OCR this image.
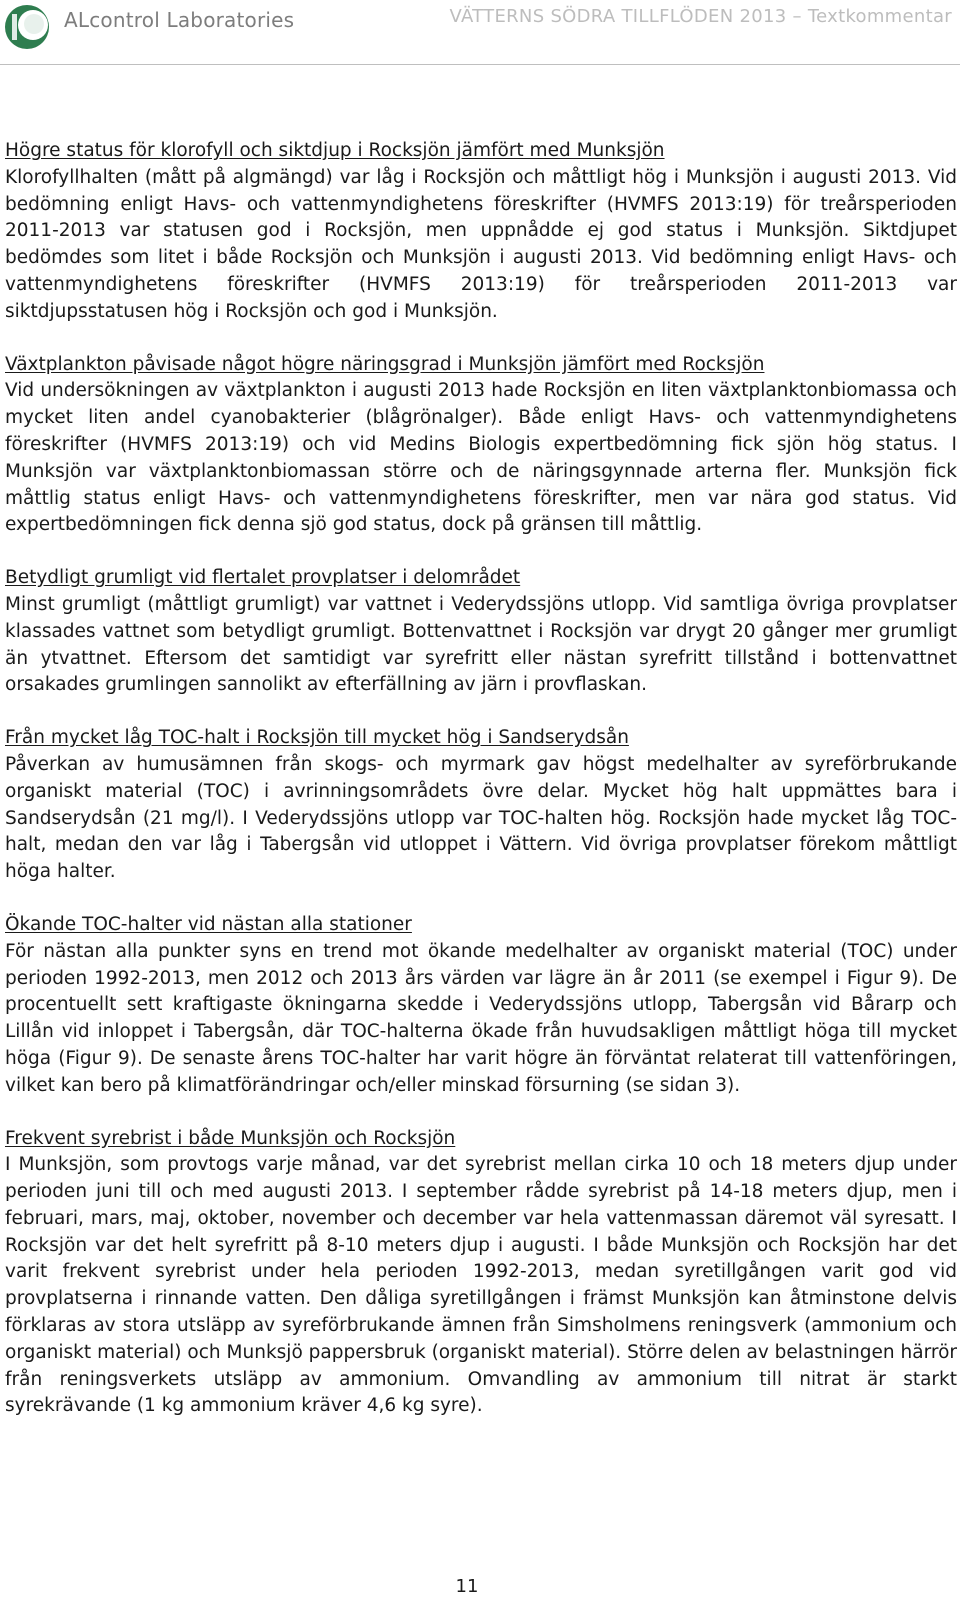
ALcontrol Laboratories	VÄTTERNS SÖDRA TILLFLÖDEN 2013 – Textkommentar
Högre status för klorofyll och siktdjup i Rocksjön jämfört med Munksjön

Klorofyllhalten (mått på algmängd) var låg i Rocksjön och måttligt hög i Munksjön i augusti 2013. Vid bedömning enligt Havs- och vattenmyndighetens föreskrifter (HVMFS 2013:19) för treårsperioden 2011-2013 var statusen god i Rocksjön, men uppnådde ej god status i Munksjön. Siktdjupet bedömdes som litet i både Rocksjön och Munksjön i augusti 2013. Vid bedömning enligt Havs- och vattenmyndighetens föreskrifter (HVMFS 2013:19) för treårsperioden 2011-2013 var siktdjupsstatusen hög i Rocksjön och god i Munksjön.

Växtplankton påvisade något högre näringsgrad i Munksjön jämfört med Rocksjön

Vid undersökningen av växtplankton i augusti 2013 hade Rocksjön en liten växtplanktonbiomassa och mycket liten andel cyanobakterier (blågrönalger). Både enligt Havs- och vattenmyndighetens föreskrifter (HVMFS 2013:19) och vid Medins Biologis expertbedömning fick sjön hög status. I Munksjön var växtplanktonbiomassan större och de näringsgynnade arterna fler. Munksjön fick måttlig status enligt Havs- och vattenmyndighetens föreskrifter, men var nära god status. Vid expertbedömningen fick denna sjö god status, dock på gränsen till måttlig.

Betydligt grumligt vid flertalet provplatser i delområdet

Minst grumligt (måttligt grumligt) var vattnet i Vederydssjöns utlopp. Vid samtliga övriga provplatser klassades vattnet som betydligt grumligt. Bottenvattnet i Rocksjön var drygt 20 gånger mer grumligt än ytvattnet. Eftersom det samtidigt var syrefritt eller nästan syrefritt tillstånd i bottenvattnet orsakades grumlingen sannolikt av efterfällning av järn i provflaskan.

Från mycket låg TOC-halt i Rocksjön till mycket hög i Sandserydsån

Påverkan av humusämnen från skogs- och myrmark gav högst medelhalter av syreförbrukande organiskt material (TOC) i avrinningsområdets övre delar. Mycket hög halt uppmättes bara i Sandserydsån (21 mg/l). I Vederydssjöns utlopp var TOC-halten hög. Rocksjön hade mycket låg TOC-halt, medan den var låg i Tabergsån vid utloppet i Vättern. Vid övriga provplatser förekom måttligt höga halter.

Ökande TOC-halter vid nästan alla stationer

För nästan alla punkter syns en trend mot ökande medelhalter av organiskt material (TOC) under perioden 1992-2013, men 2012 och 2013 års värden var lägre än år 2011 (se exempel i Figur 9). De procentuellt sett kraftigaste ökningarna skedde i Vederydssjöns utlopp, Tabergsån vid Bårarp och Lillån vid inloppet i Tabergsån, där TOC-halterna ökade från huvudsakligen måttligt höga till mycket höga (Figur 9). De senaste årens TOC-halter har varit högre än förväntat relaterat till vattenföringen, vilket kan bero på klimatförändringar och/eller minskad försurning (se sidan 3).

Frekvent syrebrist i både Munksjön och Rocksjön

I Munksjön, som provtogs varje månad, var det syrebrist mellan cirka 10 och 18 meters djup under perioden juni till och med augusti 2013. I september rådde syrebrist på 14-18 meters djup, men i februari, mars, maj, oktober, november och december var hela vattenmassan däremot väl syresatt. I Rocksjön var det helt syrefritt på 8-10 meters djup i augusti. I både Munksjön och Rocksjön har det varit frekvent syrebrist under hela perioden 1992-2013, medan syretillgången varit god vid provplatserna i rinnande vatten. Den dåliga syretillgången i främst Munksjön kan åtminstone delvis förklaras av stora utsläpp av syreförbrukande ämnen från Simsholmens reningsverk (ammonium och organiskt material) och Munksjö pappersbruk (organiskt material). Större delen av belastningen härrör från reningsverkets utsläpp av ammonium. Omvandling av ammonium till nitrat är starkt syrekrävande (1 kg ammonium kräver 4,6 kg syre).

11
